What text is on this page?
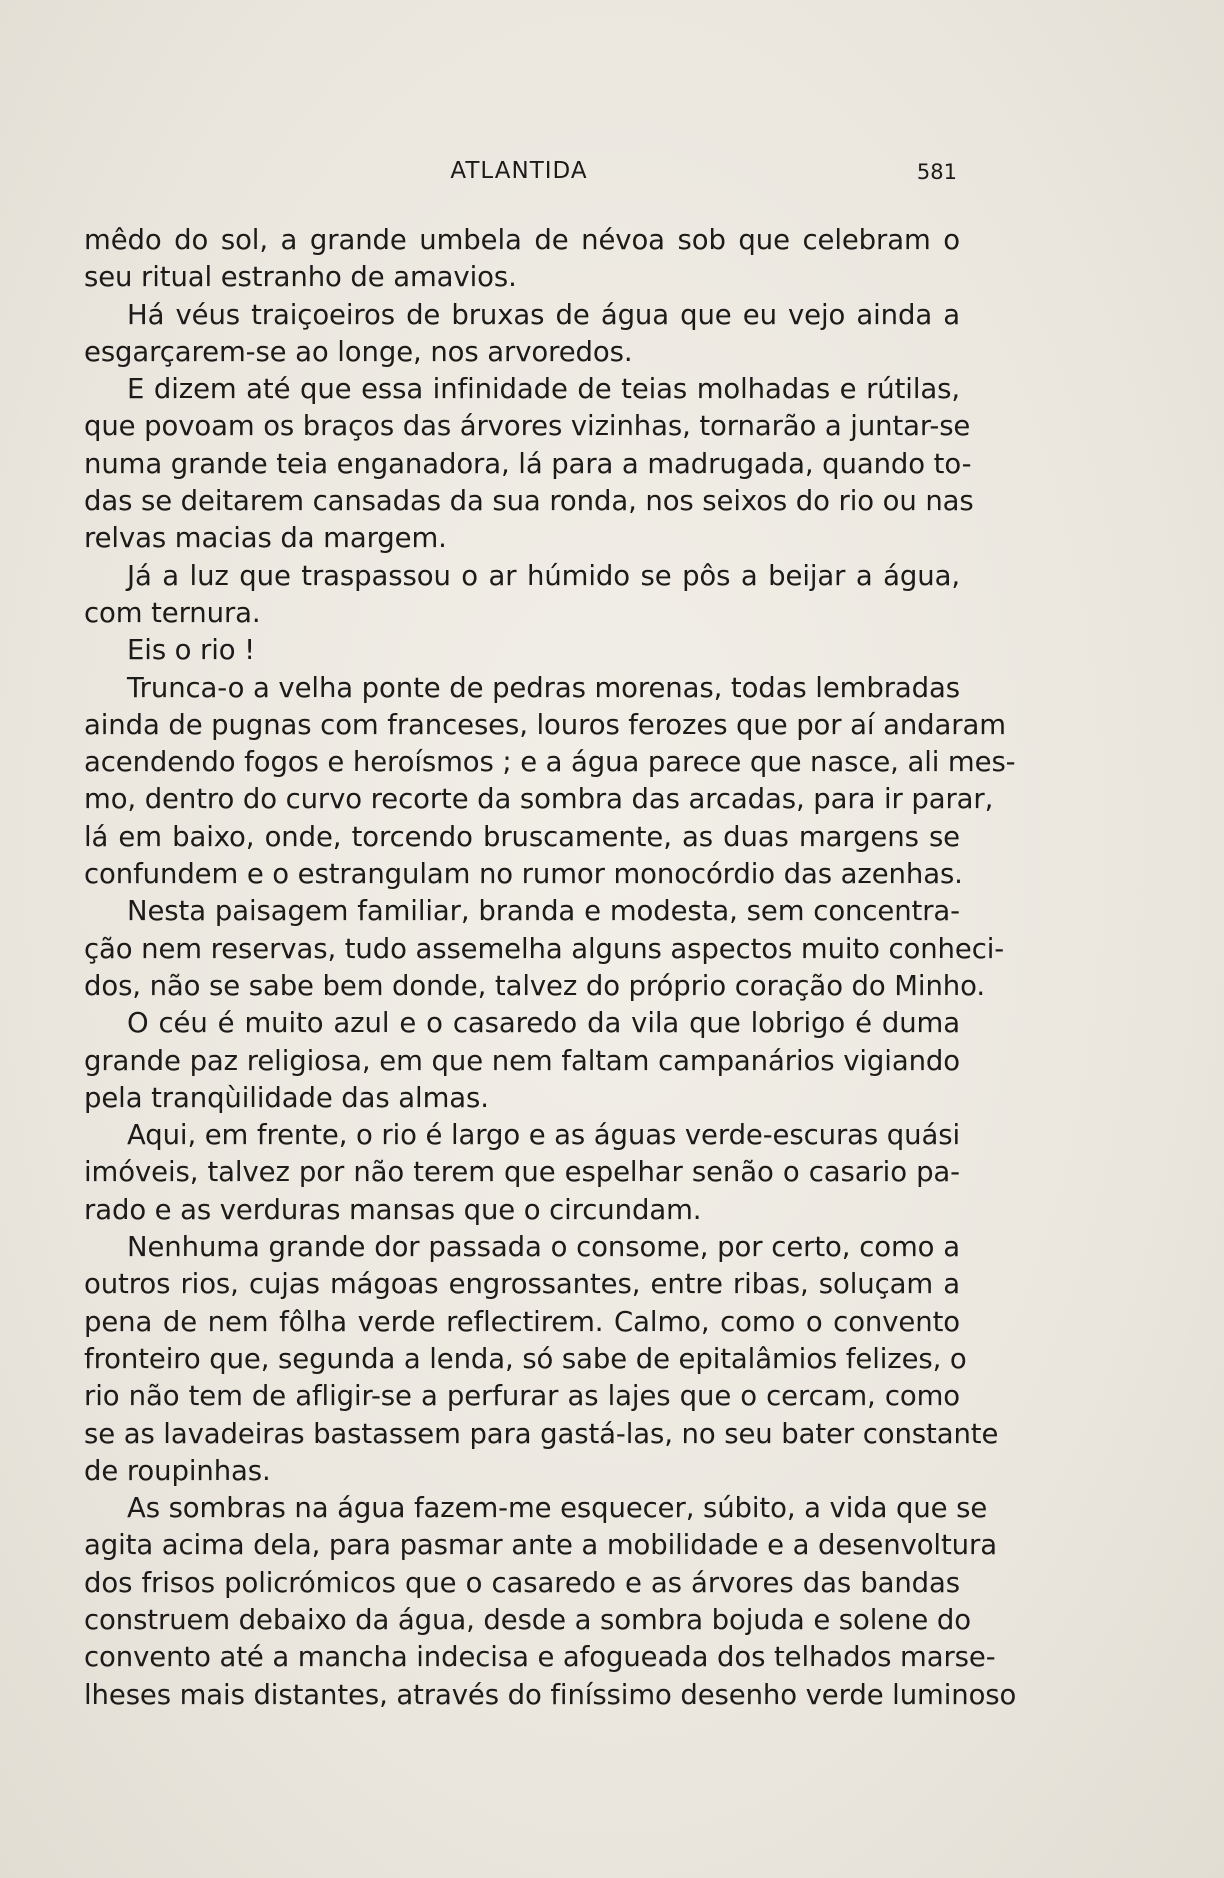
ATLANTIDA	581
mêdo do sol, a grande umbela de névoa sob que celebram o
seu ritual estranho de amavios.
Há véus traiçoeiros de bruxas de água que eu vejo ainda a
esgarçarem-se ao longe, nos arvoredos.
E dizem até que essa infinidade de teias molhadas e rútilas,
que povoam os braços das árvores vizinhas, tornarão a juntar-se
numa grande teia enganadora, lá para a madrugada, quando to-
das se deitarem cansadas da sua ronda, nos seixos do rio ou nas
relvas macias da margem.
Já a luz que traspassou o ar húmido se pôs a beijar a água,
com ternura.
Eis o rio !
Trunca-o a velha ponte de pedras morenas, todas lembradas
ainda de pugnas com franceses, louros ferozes que por aí andaram
acendendo fogos e heroísmos ; e a água parece que nasce, ali mes-
mo, dentro do curvo recorte da sombra das arcadas, para ir parar,
lá em baixo, onde, torcendo bruscamente, as duas margens se
confundem e o estrangulam no rumor monocórdio das azenhas.
Nesta paisagem familiar, branda e modesta, sem concentra-
ção nem reservas, tudo assemelha alguns aspectos muito conheci-
dos, não se sabe bem donde, talvez do próprio coração do Minho.
O céu é muito azul e o casaredo da vila que lobrigo é duma
grande paz religiosa, em que nem faltam campanários vigiando
pela tranqùilidade das almas.
Aqui, em frente, o rio é largo e as águas verde-escuras quási
imóveis, talvez por não terem que espelhar senão o casario pa-
rado e as verduras mansas que o circundam.
Nenhuma grande dor passada o consome, por certo, como a
outros rios, cujas mágoas engrossantes, entre ribas, soluçam a
pena de nem fôlha verde reflectirem. Calmo, como o convento
fronteiro que, segunda a lenda, só sabe de epitalâmios felizes, o
rio não tem de afligir-se a perfurar as lajes que o cercam, como
se as lavadeiras bastassem para gastá-las, no seu bater constante
de roupinhas.
As sombras na água fazem-me esquecer, súbito, a vida que se
agita acima dela, para pasmar ante a mobilidade e a desenvoltura
dos frisos policrómicos que o casaredo e as árvores das bandas
construem debaixo da água, desde a sombra bojuda e solene do
convento até a mancha indecisa e afogueada dos telhados marse-
lheses mais distantes, através do finíssimo desenho verde luminoso
